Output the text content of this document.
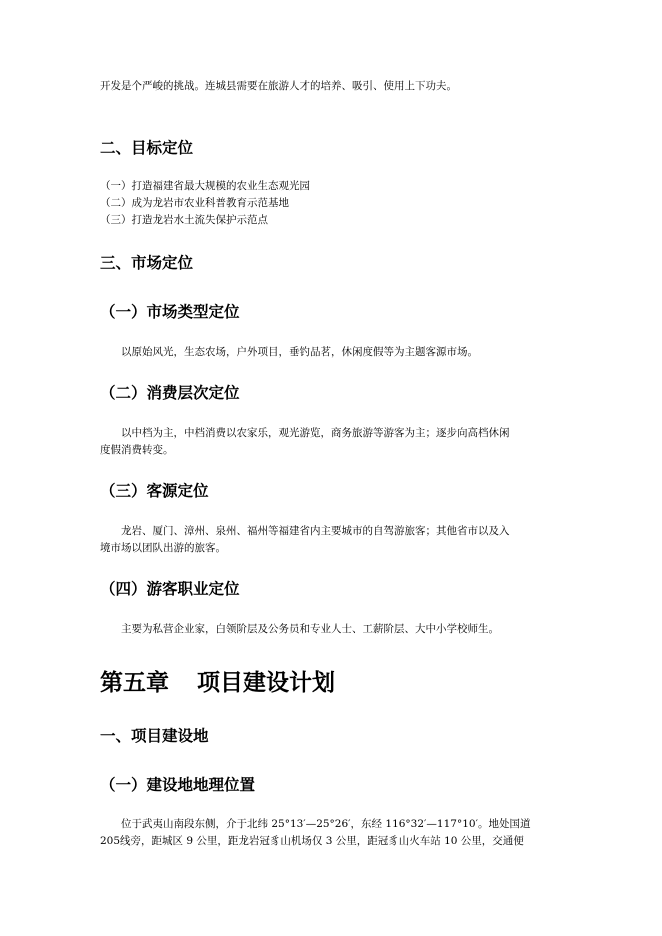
开发是个严峻的挑战。连城县需要在旅游人才的培养、吸引、使用上下功夫。
二、目标定位
（一）打造福建省最大规模的农业生态观光园
（二）成为龙岩市农业科普教育示范基地
（三）打造龙岩水土流失保护示范点
三、市场定位
（一）市场类型定位
以原始风光，生态农场，户外项目，垂钓品茗，休闲度假等为主题客源市场。
（二）消费层次定位
以中档为主，中档消费以农家乐，观光游览，商务旅游等游客为主；逐步向高档休闲
度假消费转变。
（三）客源定位
龙岩、厦门、漳州、泉州、福州等福建省内主要城市的自驾游旅客；其他省市以及入
境市场以团队出游的旅客。
（四）游客职业定位
主要为私营企业家，白领阶层及公务员和专业人士、工薪阶层、大中小学校师生。
第五章 项目建设计划
一、项目建设地
（一）建设地地理位置
位于武夷山南段东侧，介于北纬 25°13′—25°26′，东经 116°32′—117°10′。地处国道
205线旁，距城区 9 公里，距龙岩冠豸山机场仅 3 公里，距冠豸山火车站 10 公里，交通便
